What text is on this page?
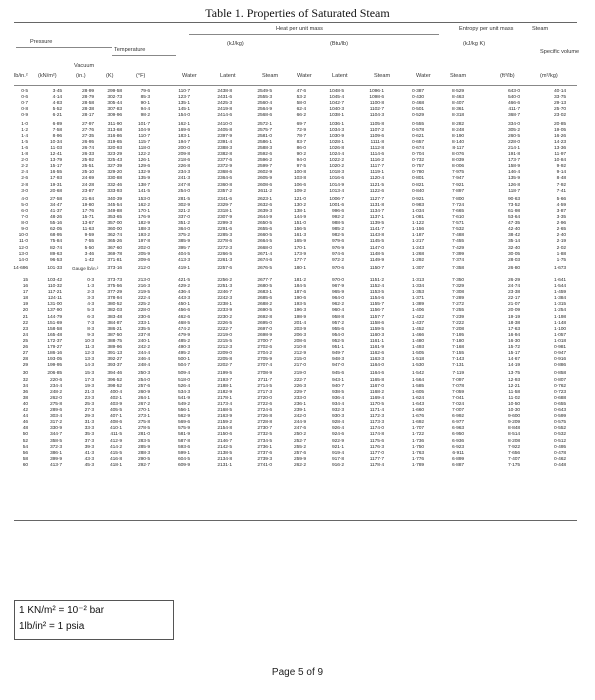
Table 1. Properties of Saturated Steam
Heat per unit mass	Entropy per unit mass	Steam
Pressure
Temperature
(kJ/kg)	(Btu/lb)	(kJ/kg K)
Specific volume
Vacuum
lb/in.² (kN/m²)	(in.)	(K)	(°F)	Water	Latent	Steam	Water	Latent	Steam	Water	Steam	(ft³/lb)	(m³/kg)
0·5	3·45	28·99	299·58	79·6	110·7	2438·8	2549·5	47·6	1048·5	1096·1	0·387	8·529	643·0	40·14
0·6	4·14	28·79	302·73	85·3	123·7	2431·6	2555·3	53·2	1045·4	1098·6	0·430	8·463	540·0	33·75
0·7	4·83	28·58	305·44	90·1	135·1	2425·3	2560·4	58·0	1042·7	1100·8	0·468	8·407	466·6	29·13
0·8	5·52	28·38	307·83	94·4	145·1	2419·8	2564·9	62·4	1040·3	1102·7	0·501	8·361	411·7	25·70
0·9	6·21	28·17	309·96	98·2	154·0	2414·6	2568·6	66·2	1038·1	1104·3	0·529	8·318	368·7	23·02
1·0	6·89	27·97	311·90	101·7	162·1	2410·0	2572·1	69·7	1036·1	1105·8	0·555	8·282	334·0	20·85
1·2	7·58	27·76	313·68	104·9	169·6	2405·8	2575·7	72·9	1034·3	1107·2	0·578	8·248	305·2	19·05
1·4	8·96	27·35	316·86	110·7	183·1	2397·9	2581·0	78·7	1030·9	1109·6	0·621	8·190	260·5	16·26
1·5	10·34	26·95	319·65	115·7	194·7	2391·4	2586·1	83·7	1028·1	1111·8	0·657	8·140	228·0	14·23
1·6	11·03	26·74	320·93	118·0	200·0	2388·3	2588·3	86·0	1026·8	1112·8	0·674	8·117	214·1	13·36
1·8	12·41	26·33	323·29	122·2	209·8	2382·8	2592·6	90·2	1024·4	1114·6	0·704	8·076	191·8	11·97
2·0	13·79	25·92	325·43	126·1	218·6	2377·6	2596·2	94·0	1022·2	1116·2	0·732	8·039	173·7	10·84
2·2	15·17	25·51	327·39	129·6	226·8	2372·9	2599·7	97·5	1020·2	1117·7	0·757	8·006	158·9	9·92
2·4	16·55	25·10	329·20	132·9	234·3	2368·6	2602·9	100·8	1018·3	1119·1	0·780	7·975	146·4	9·14
2·6	17·93	24·69	330·88	135·9	241·3	2364·6	2605·9	103·8	1016·6	1120·4	0·801	7·947	135·9	8·48
2·8	19·31	24·28	332·46	138·7	247·8	2360·8	2608·6	106·6	1014·9	1121·5	0·821	7·921	126·8	7·92
3·0	20·68	23·87	333·93	141·5	254·0	2357·2	2611·2	109·2	1013·4	1122·6	0·840	7·897	118·7	7·41
4·0	27·58	21·84	340·39	153·0	281·5	2341·6	2623·1	121·0	1006·7	1127·7	0·921	7·800	90·63	5·66
5·0	34·47	19·80	345·54	162·2	302·9	2329·7	2632·6	130·2	1001·6	1131·8	0·983	7·724	73·52	4·59
6·0	41·37	17·76	349·88	170·1	321·2	2318·1	2639·3	138·1	996·6	1134·7	1·034	7·665	61·98	3·87
7·0	48·26	15·71	353·65	176·9	337·0	2307·9	2644·9	144·9	992·2	1137·1	1·081	7·610	53·64	3·35
8·0	55·16	13·67	357·00	182·9	351·2	2299·3	2650·5	151·0	988·5	1139·5	1·122	7·571	47·35	2·96
9·0	62·05	11·63	360·00	188·3	364·0	2291·6	2655·6	156·5	985·2	1141·7	1·156	7·532	42·40	2·65
10·0	68·95	9·59	362·74	193·2	375·2	2285·3	2660·5	161·3	982·5	1143·8	1·187	7·488	38·42	2·40
11·0	75·84	7·55	365·26	197·8	385·9	2278·6	2664·5	165·9	979·6	1145·5	1·217	7·455	35·14	2·19
12·0	82·74	5·50	367·60	202·0	395·7	2272·3	2668·0	170·1	976·9	1147·0	1·243	7·429	32·40	2·02
13·0	89·63	3·46	369·78	205·9	404·5	2266·5	2671·4	173·9	974·6	1148·5	1·268	7·399	30·05	1·88
14·0	96·53	1·42	371·81	209·6	413·3	2261·3	2674·6	177·7	972·2	1149·9	1·292	7·374	28·03	1·75
14·696	101·33	373·16	212·0	419·1	2257·6	2676·5	180·1	970·6	1150·7	1·307	7·358	26·80	1·673
Gauge lb/in.²
15	103·42	0·3	373·73	213·0	421·5	2256·2	2677·7	181·2	970·0	1151·2	1·313	7·350	26·29	1·641
16	110·32	1·3	375·56	216·3	429·2	2251·3	2680·5	184·5	967·9	1152·4	1·334	7·329	24·74	1·544
17	117·21	2·3	377·29	219·5	436·4	2246·7	2683·1	187·6	965·9	1153·5	1·353	7·308	23·38	1·459
18	124·11	3·3	378·94	222·4	443·3	2242·3	2685·6	190·6	964·0	1154·6	1·371	7·289	22·17	1·384
19	131·00	4·3	380·52	225·2	450·1	2238·1	2688·2	193·5	962·2	1155·7	1·389	7·272	21·07	1·315
20	137·90	5·3	382·03	228·0	456·6	2233·9	2690·5	196·3	960·4	1156·7	1·406	7·255	20·09	1·254
21	144·79	6·3	383·48	230·6	462·6	2230·2	2692·8	198·9	958·8	1157·7	1·422	7·239	19·19	1·198
22	151·69	7·3	384·87	233·1	468·5	2226·5	2695·0	201·4	957·2	1158·6	1·437	7·222	18·38	1·148
23	158·58	8·3	386·21	235·5	474·2	2222·7	2697·0	203·9	955·6	1159·5	1·452	7·208	17·63	1·100
24	165·48	9·3	387·50	237·8	479·9	2219·0	2698·9	206·3	954·0	1160·3	1·466	7·195	16·94	1·057
25	172·37	10·3	388·75	240·1	485·2	2215·5	2700·7	208·6	952·5	1161·1	1·480	7·180	16·30	1·018
26	179·27	11·3	389·96	242·2	490·3	2212·3	2702·6	210·8	951·1	1161·9	1·493	7·168	15·72	0·981
27	186·16	12·3	391·13	244·4	495·2	2209·0	2704·2	212·9	949·7	1162·6	1·505	7·155	15·17	0·947
28	193·05	13·3	392·27	246·4	500·1	2205·8	2705·9	215·0	948·3	1163·3	1·518	7·143	14·67	0·916
29	199·95	14·3	393·37	248·4	504·7	2202·7	2707·4	217·0	947·0	1164·0	1·530	7·131	14·19	0·886
30	206·85	15·3	394·46	250·3	509·4	2199·5	2708·9	219·0	945·6	1164·6	1·542	7·119	13·75	0·858
32	220·6	17·3	396·52	254·0	518·0	2193·7	2711·7	222·7	943·1	1165·8	1·564	7·097	12·93	0·807
34	234·4	19·3	398·52	257·6	526·4	2188·1	2714·5	226·3	940·7	1167·0	1·585	7·078	12·21	0·762
36	248·2	21·3	400·4	260·9	534·3	2182·9	2717·3	229·7	938·5	1168·2	1·605	7·059	11·58	0·723
38	262·0	23·3	402·1	264·1	541·9	2178·1	2720·0	233·0	936·4	1169·4	1·624	7·041	11·02	0·688
40	275·8	25·3	403·9	267·2	549·2	2173·4	2722·6	236·1	934·4	1170·5	1·643	7·024	10·50	0·655
42	289·6	27·3	405·5	270·1	556·1	2168·5	2724·6	239·1	932·3	1171·4	1·660	7·007	10·30	0·643
44	303·4	29·3	407·1	273·1	562·9	2163·9	2726·8	242·0	930·3	1172·3	1·676	6·992	9·600	0·599
46	317·2	31·3	408·6	275·8	569·6	2159·2	2728·8	244·9	928·4	1173·3	1·692	6·977	9·209	0·575
48	330·9	33·3	410·1	278·5	575·9	2154·8	2730·7	247·6	926·4	1174·0	1·707	6·963	8·848	0·552
50	344·7	35·3	411·5	281·0	581·9	2150·6	2732·5	250·2	924·6	1174·8	1·722	6·950	8·514	0·532
52	358·5	37·3	412·9	283·5	587·8	2146·7	2734·5	252·7	922·9	1175·6	1·736	6·936	8·208	0·512
54	372·3	39·3	414·2	285·9	593·6	2142·5	2736·1	255·2	921·1	1176·3	1·750	6·923	7·922	0·495
56	386·1	41·3	415·5	288·3	599·1	2138·5	2737·6	257·6	919·4	1177·0	1·763	6·911	7·656	0·478
58	399·9	43·3	416·8	290·5	604·5	2134·8	2739·3	259·9	917·8	1177·7	1·776	6·899	7·407	0·462
60	413·7	45·3	418·1	292·7	609·9	2131·1	2741·0	262·2	916·2	1178·4	1·789	6·887	7·175	0·448
1 KN/m² = 10⁻² bar
1lb/in² = 1 psia
Page 5 of 9
